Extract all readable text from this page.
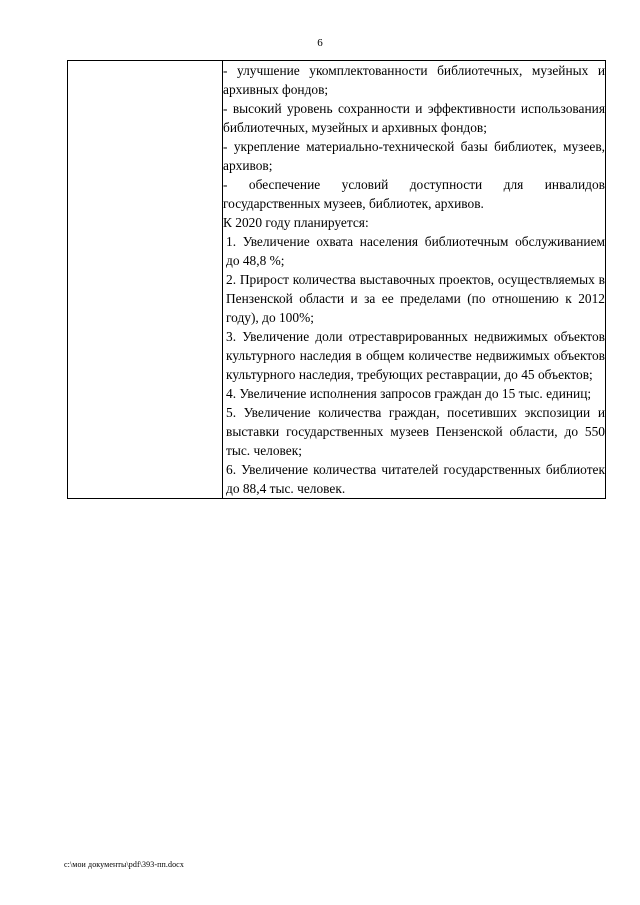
6

- улучшение укомплектованности библиотечных, музейных и архивных фондов;

- высокий уровень сохранности и эффективности использования библиотечных, музейных и архивных фондов;

- укрепление материально-технической базы библиотек, музеев, архивов;

- обеспечение условий доступности для инвалидов государственных музеев, библиотек, архивов.

К 2020 году планируется:

1. Увеличение охвата населения библиотечным обслуживанием до 48,8 %;

2. Прирост количества выставочных проектов, осуществляемых в Пензенской области и за ее пределами (по отношению к 2012 году), до 100%;

3. Увеличение доли отреставрированных недвижимых объектов культурного наследия в общем количестве недвижимых объектов культурного наследия, требующих реставрации, до 45 объектов;

4. Увеличение исполнения запросов граждан до 15 тыс. единиц;

5. Увеличение количества граждан, посетивших экспозиции и выставки государственных музеев Пензенской области, до 550 тыс. человек;

6. Увеличение количества читателей государственных библиотек до 88,4 тыс. человек.

c:\мои документы\pdf\393-пп.docx
